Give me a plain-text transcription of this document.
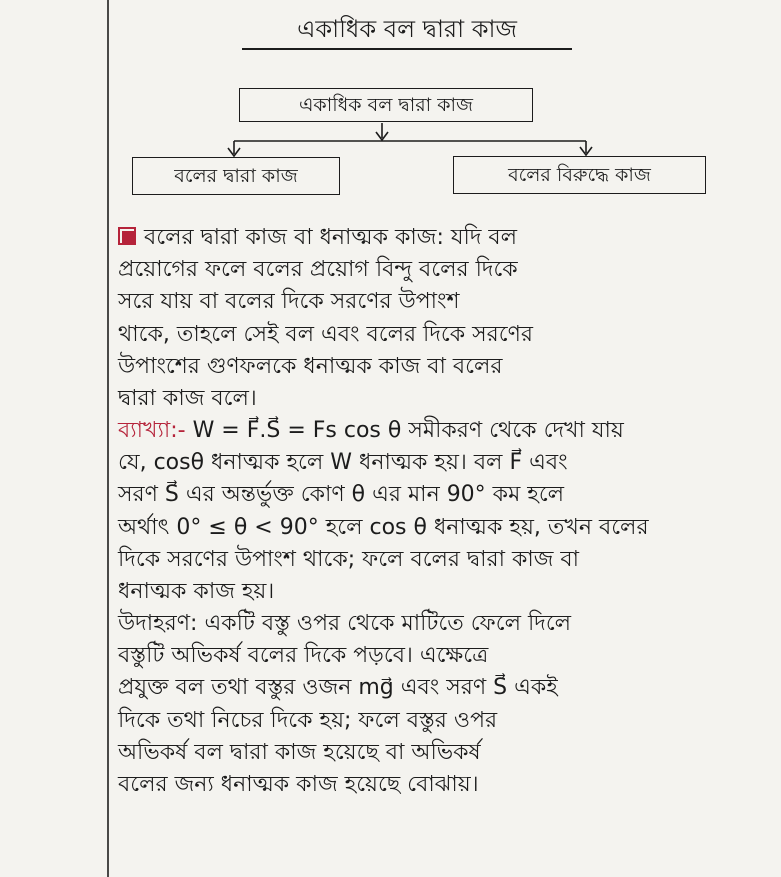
একাধিক বল দ্বারা কাজ
একাধিক বল দ্বারা কাজ
বলের দ্বারা কাজ	বলের বিরুদ্ধে কাজ

বলের দ্বারা কাজ বা ধনাত্মক কাজ: যদি বল

প্রয়োগের ফলে বলের প্রয়োগ বিন্দু বলের দিকে

সরে যায় বা বলের দিকে সরণের উপাংশ

থাকে, তাহলে সেই বল এবং বলের দিকে সরণের

উপাংশের গুণফলকে ধনাত্মক কাজ বা বলের

দ্বারা কাজ বলে।

ব্যাখ্যা:- W = F⃗.S⃗ = Fs cos θ সমীকরণ থেকে দেখা যায়

যে, cosθ ধনাত্মক হলে W ধনাত্মক হয়। বল F⃗ এবং

সরণ S⃗ এর অন্তর্ভুক্ত কোণ θ এর মান 90° কম হলে

অর্থাৎ 0° ≤ θ < 90° হলে cos θ ধনাত্মক হয়, তখন বলের

দিকে সরণের উপাংশ থাকে; ফলে বলের দ্বারা কাজ বা

ধনাত্মক কাজ হয়।

উদাহরণ: একটি বস্তু ওপর থেকে মাটিতে ফেলে দিলে

বস্তুটি অভিকর্ষ বলের দিকে পড়বে। এক্ষেত্রে

প্রযুক্ত বল তথা বস্তুর ওজন mg⃗ এবং সরণ S⃗ একই

দিকে তথা নিচের দিকে হয়; ফলে বস্তুর ওপর

অভিকর্ষ বল দ্বারা কাজ হয়েছে বা অভিকর্ষ

বলের জন্য ধনাত্মক কাজ হয়েছে বোঝায়।
